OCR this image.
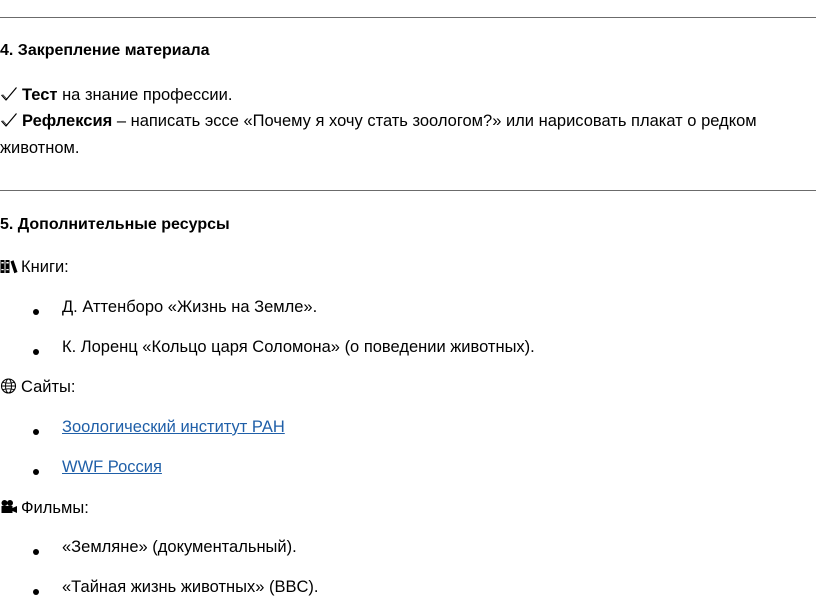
4. Закрепление материала
Тест на знание профессии.
Рефлексия – написать эссе «Почему я хочу стать зоологом?» или нарисовать плакат о редком животном.
5. Дополнительные ресурсы
Книги:
Д. Аттенборо «Жизнь на Земле».
К. Лоренц «Кольцо царя Соломона» (о поведении животных).
Сайты:
Зоологический институт РАН
WWF Россия
Фильмы:
«Земляне» (документальный).
«Тайная жизнь животных» (BBC).
